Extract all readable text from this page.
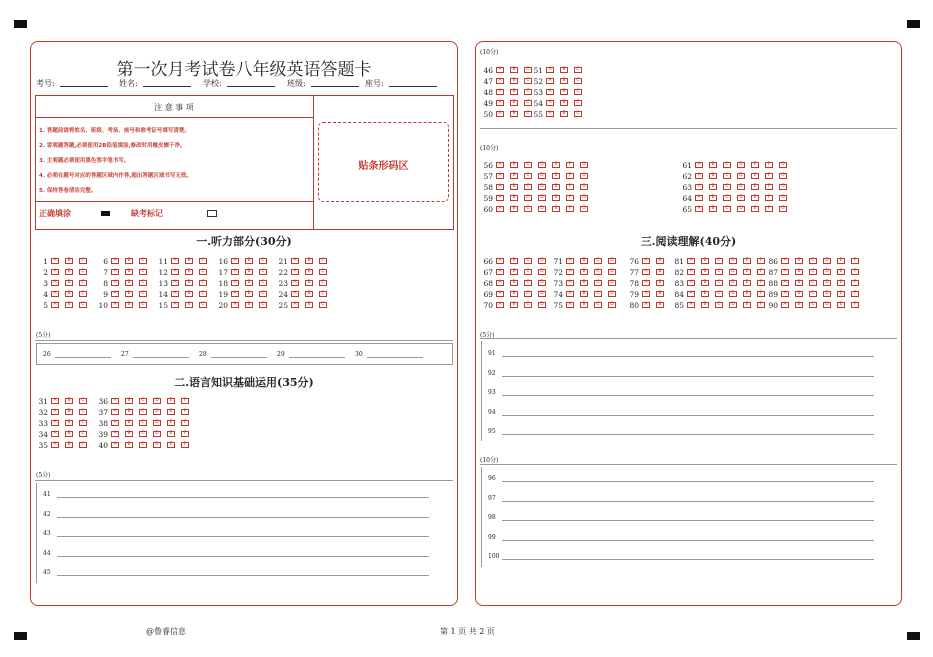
第一次月考试卷八年级英语答题卡
考号:	姓名:	学校:	班级:	座号:
注 意 事 项
1. 答题前请将姓名、班级、考场、座号和准考证号填写清楚。
2. 客观题答题,必须使用2B铅笔填涂,修改时用橡皮擦干净。
3. 主观题必须使用黑色签字笔书写。
4. 必须在题号对应的答题区域内作答,超出答题区域书写无效。
5. 保持答卷清洁完整。
正确填涂	缺考标记
贴条形码区
一.听力部分(30分)
1	A	B	C
2	A	B	C
3	A	B	C
4	A	B	C
5	A	B	C
6	A	B	C
7	A	B	C
8	A	B	C
9	A	B	C
10	A	B	C
11	A	B	C
12	A	B	C
13	A	B	C
14	A	B	C
15	A	B	C
16	A	B	C
17	A	B	C
18	A	B	C
19	A	B	C
20	A	B	C
21	A	B	C
22	A	B	C
23	A	B	C
24	A	B	C
25	A	B	C
(5分)
26	27	28	29	30
二.语言知识基础运用(35分)
31	A	B	C
32	A	B	C
33	A	B	C
34	A	B	C
35	A	B	C
36	A	B	C	D	E	F
37	A	B	C	D	E	F
38	A	B	C	D	E	F
39	A	B	C	D	E	F
40	A	B	C	D	E	F
(5分)
41
42
43
44
45
(10分)
46	A	B	C
47	A	B	C
48	A	B	C
49	A	B	C
50	A	B	C
51	A	B	C
52	A	B	C
53	A	B	C
54	A	B	C
55	A	B	C
(10分)
56	A	B	C	D	E	F	G
57	A	B	C	D	E	F	G
58	A	B	C	D	E	F	G
59	A	B	C	D	E	F	G
60	A	B	C	D	E	F	G
61	A	B	C	D	E	F	G
62	A	B	C	D	E	F	G
63	A	B	C	D	E	F	G
64	A	B	C	D	E	F	G
65	A	B	C	D	E	F	G
三.阅读理解(40分)
66	A	B	C	D
67	A	B	C	D
68	A	B	C	D
69	A	B	C	D
70	A	B	C	D
71	A	B	C	D
72	A	B	C	D
73	A	B	C	D
74	A	B	C	D
75	A	B	C	D
76	A	B
77	A	B
78	A	B
79	A	B
80	A	B
81	A	B	C	D	E	F
82	A	B	C	D	E	F
83	A	B	C	D	E	F
84	A	B	C	D	E	F
85	A	B	C	D	E	F
86	A	B	C	D	E	F
87	A	B	C	D	E	F
88	A	B	C	D	E	F
89	A	B	C	D	E	F
90	A	B	C	D	E	F
(5分)
91
92
93
94
95
(10分)
96
97
98
99
100
@鲁睿信息	第 1 页 共 2 页
